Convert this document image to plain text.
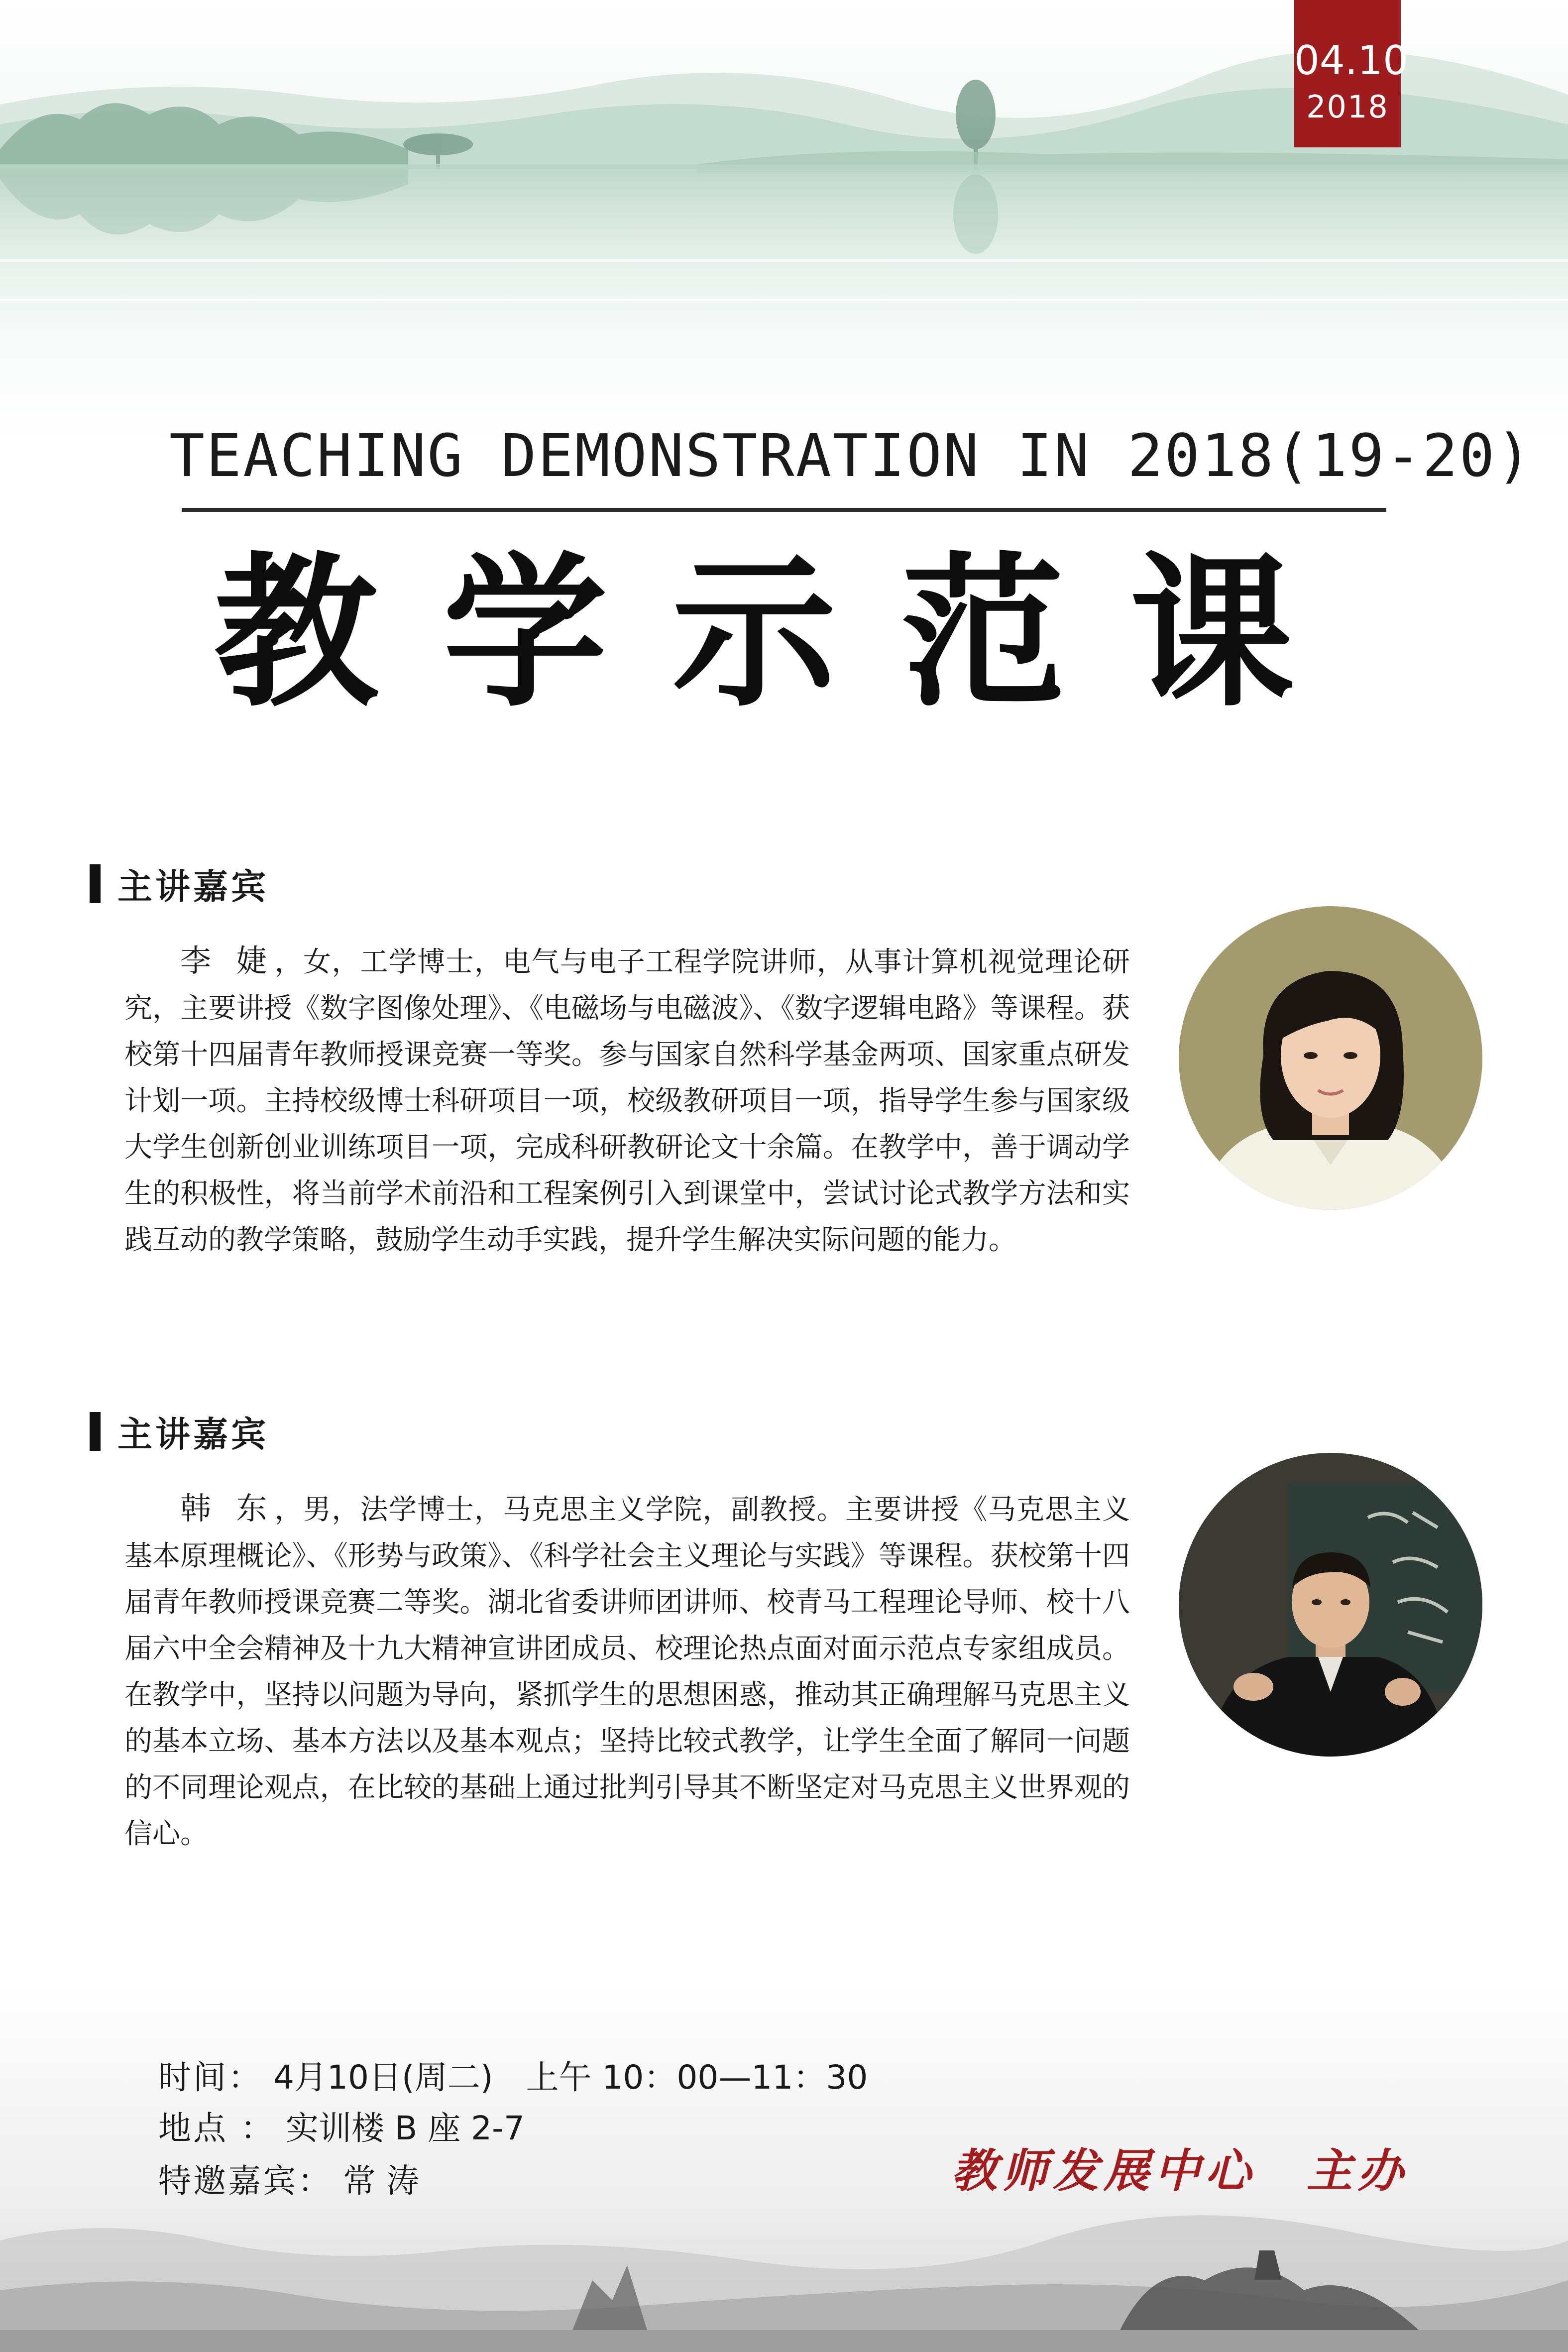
04.10
2018
TEACHING DEMONSTRATION IN 2018(19-20)
教学示范课
主讲嘉宾

李 婕，女，工学博士，电气与电子工程学院讲师，从事计算机视觉理论研究，主要讲授《数字图像处理》、《电磁场与电磁波》、《数字逻辑电路》等课程。获校第十四届青年教师授课竞赛一等奖。参与国家自然科学基金两项、国家重点研发计划一项。主持校级博士科研项目一项，校级教研项目一项，指导学生参与国家级大学生创新创业训练项目一项，完成科研教研论文十余篇。在教学中，善于调动学生的积极性，将当前学术前沿和工程案例引入到课堂中，尝试讨论式教学方法和实践互动的教学策略，鼓励学生动手实践，提升学生解决实际问题的能力。

主讲嘉宾

韩 东，男，法学博士，马克思主义学院，副教授。主要讲授《马克思主义基本原理概论》、《形势与政策》、《科学社会主义理论与实践》等课程。获校第十四届青年教师授课竞赛二等奖。湖北省委讲师团讲师、校青马工程理论导师、校十八届六中全会精神及十九大精神宣讲团成员、校理论热点面对面示范点专家组成员。在教学中，坚持以问题为导向，紧抓学生的思想困惑，推动其正确理解马克思主义的基本立场、基本方法以及基本观点；坚持比较式教学，让学生全面了解同一问题的不同理论观点，在比较的基础上通过批判引导其不断坚定对马克思主义世界观的信心。

时间： 4月10日(周二)　上午 10：00—11：30
地点 ： 实训楼 B 座 2-7
特邀嘉宾： 常 涛	教师发展中心　主办
